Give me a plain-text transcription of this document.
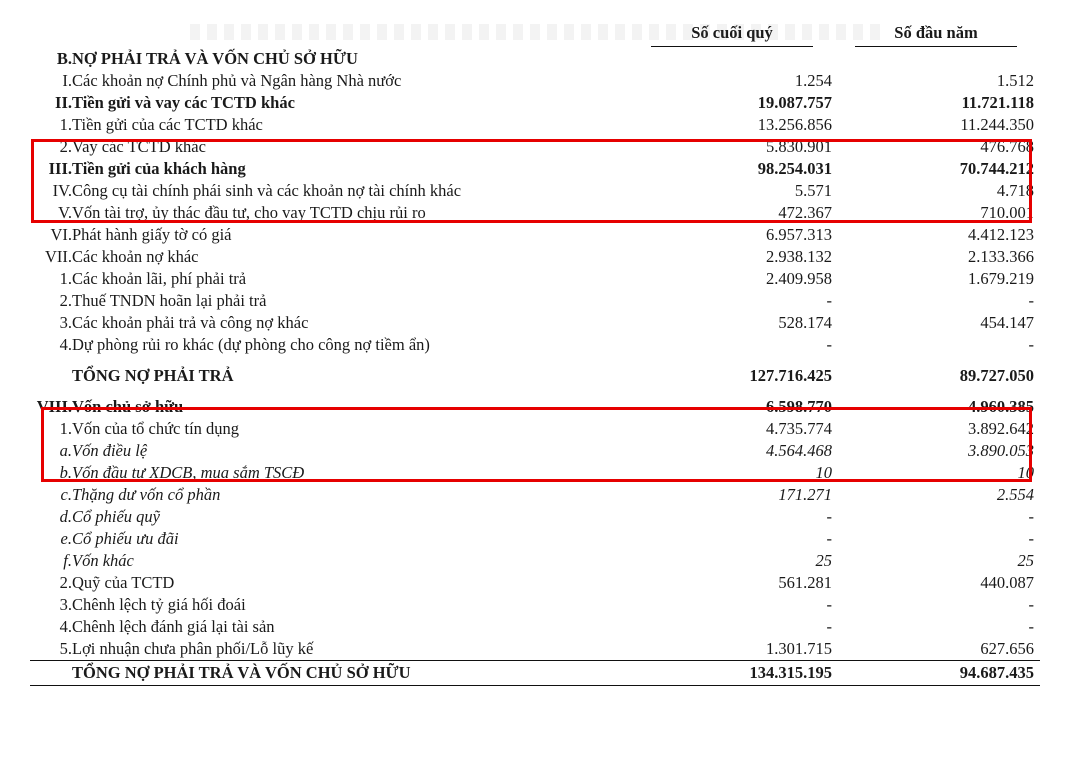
		Số cuối quý	Số đầu năm
B.	NỢ PHẢI TRẢ VÀ VỐN CHỦ SỞ HỮU		
I.	Các khoản nợ Chính phủ và Ngân hàng Nhà nước	1.254	1.512
II.	Tiền gửi và vay các TCTD khác	19.087.757	11.721.118
1.	Tiền gửi của các TCTD khác	13.256.856	11.244.350
2.	Vay các TCTD khác	5.830.901	476.768
III.	Tiền gửi của khách hàng	98.254.031	70.744.212
IV.	Công cụ tài chính phái sinh và các khoản nợ tài chính khác	5.571	4.718
V.	Vốn tài trợ, ủy thác đầu tư, cho vay TCTD chịu rủi ro	472.367	710.001
VI.	Phát hành giấy tờ có giá	6.957.313	4.412.123
VII.	Các khoản nợ khác	2.938.132	2.133.366
1.	Các khoản lãi, phí phải trả	2.409.958	1.679.219
2.	Thuế TNDN hoãn lại phải trả	-	-
3.	Các khoản phải trả và công nợ khác	528.174	454.147
4.	Dự phòng rủi ro khác (dự phòng cho công nợ tiềm ẩn)	-	-

	TỔNG NỢ PHẢI TRẢ	127.716.425	89.727.050

VIII.	Vốn chủ sở hữu	6.598.770	4.960.385
1.	Vốn của tổ chức tín dụng	4.735.774	3.892.642
a.	Vốn điều lệ	4.564.468	3.890.053
b.	Vốn đầu tư XDCB, mua sắm TSCĐ	10	10
c.	Thặng dư vốn cổ phần	171.271	2.554
d.	Cổ phiếu quỹ	-	-
e.	Cổ phiếu ưu đãi	-	-
f.	Vốn khác	25	25
2.	Quỹ của TCTD	561.281	440.087
3.	Chênh lệch tỷ giá hối đoái	-	-
4.	Chênh lệch đánh giá lại tài sản	-	-
5.	Lợi nhuận chưa phân phối/Lỗ lũy kế	1.301.715	627.656
	TỔNG NỢ PHẢI TRẢ VÀ VỐN CHỦ SỞ HỮU	134.315.195	94.687.435
